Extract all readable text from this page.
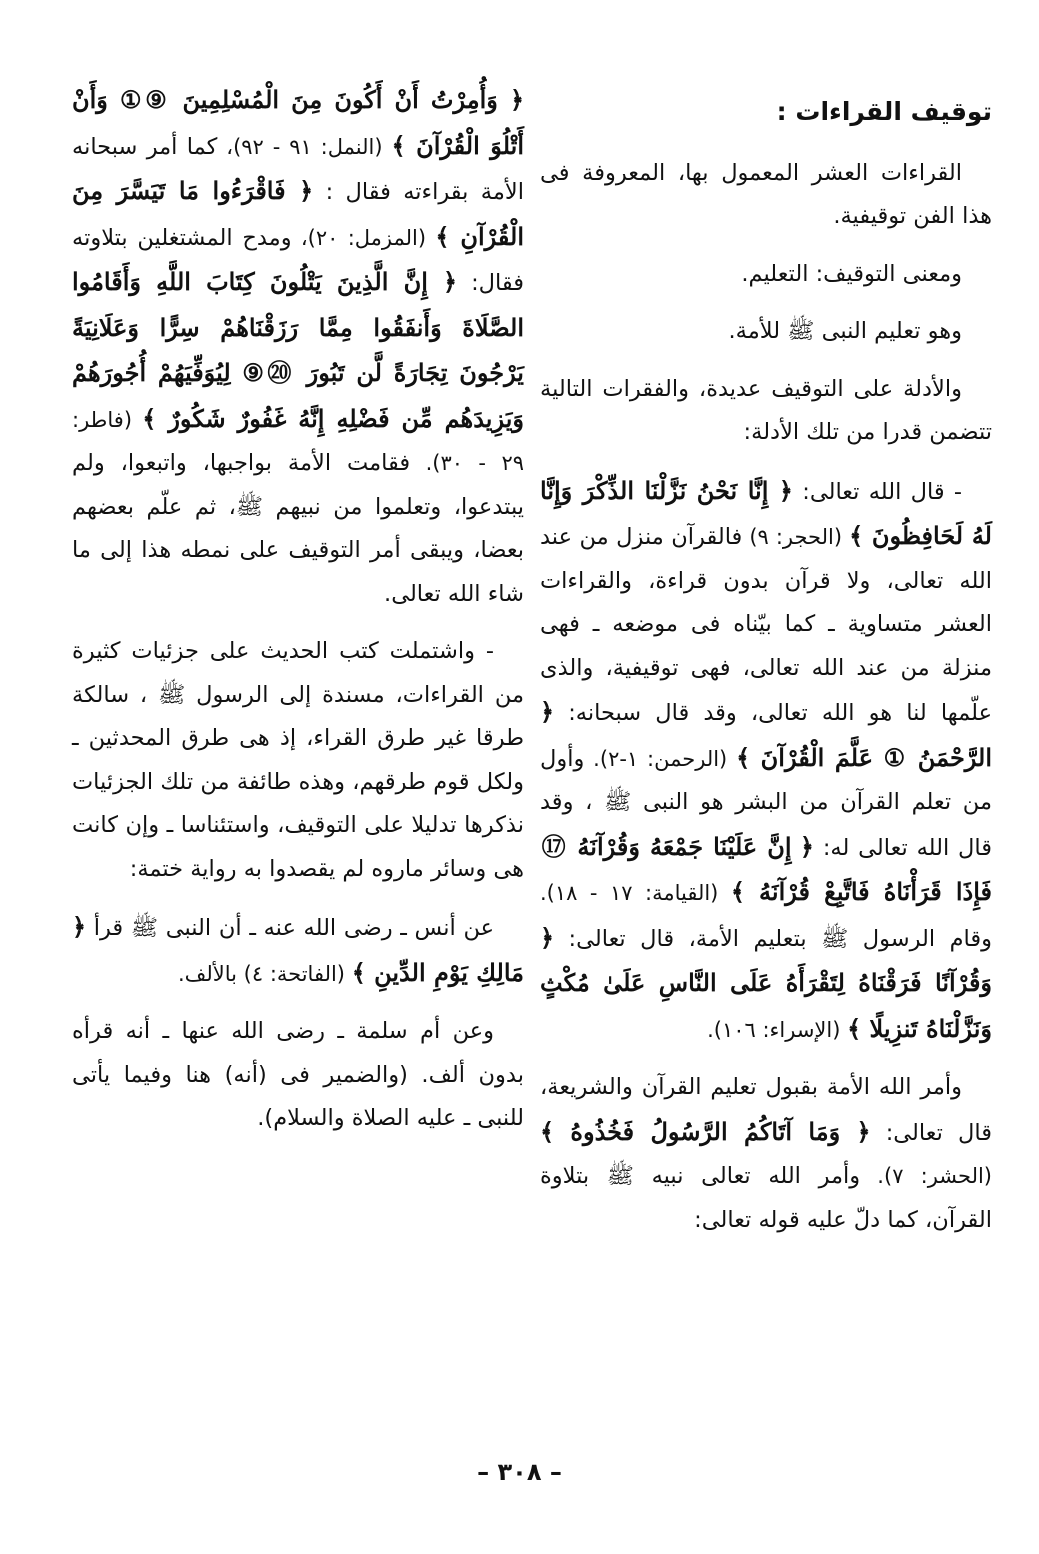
توقيف القراءات :

القراءات العشر المعمول بها، المعروفة فى هذا الفن توقيفية.

ومعنى التوقيف: التعليم.

وهو تعليم النبى ﷺ للأمة.

والأدلة على التوقيف عديدة، والفقرات التالية تتضمن قدرا من تلك الأدلة:

- قال الله تعالى: ﴿ إِنَّا نَحْنُ نَزَّلْنَا الذِّكْرَ وَإِنَّا لَهُ لَحَافِظُونَ ﴾ (الحجر: ٩) فالقرآن منزل من عند الله تعالى، ولا قرآن بدون قراءة، والقراءات العشر متساوية ـ كما بيّناه فى موضعه ـ فهى منزلة من عند الله تعالى، فهى توقيفية، والذى علّمها لنا هو الله تعالى، وقد قال سبحانه: ﴿ الرَّحْمَنُ ① عَلَّمَ الْقُرْآنَ ﴾ (الرحمن: ١-٢). وأول من تعلم القرآن من البشر هو النبى ﷺ ، وقد قال الله تعالى له: ﴿ إِنَّ عَلَيْنَا جَمْعَهُ وَقُرْآنَهُ ⑰ فَإِذَا قَرَأْنَاهُ فَاتَّبِعْ قُرْآنَهُ ﴾ (القيامة: ١٧ - ١٨). وقام الرسول ﷺ بتعليم الأمة، قال تعالى: ﴿ وَقُرْآنًا فَرَقْنَاهُ لِتَقْرَأَهُ عَلَى النَّاسِ عَلَىٰ مُكْثٍ وَنَزَّلْنَاهُ تَنزِيلًا ﴾ (الإسراء: ١٠٦).

وأمر الله الأمة بقبول تعليم القرآن والشريعة، قال تعالى: ﴿ وَمَا آتَاكُمُ الرَّسُولُ فَخُذُوهُ ﴾ (الحشر: ٧). وأمر الله تعالى نبيه ﷺ بتلاوة القرآن، كما دلّ عليه قوله تعالى:

﴿ وَأُمِرْتُ أَنْ أَكُونَ مِنَ الْمُسْلِمِينَ ⑨① وَأَنْ أَتْلُوَ الْقُرْآنَ ﴾ (النمل: ٩١ - ٩٢)، كما أمر سبحانه الأمة بقراءته فقال : ﴿ فَاقْرَءُوا مَا تَيَسَّرَ مِنَ الْقُرْآنِ ﴾ (المزمل: ٢٠)، ومدح المشتغلين بتلاوته فقال: ﴿ إِنَّ الَّذِينَ يَتْلُونَ كِتَابَ اللَّهِ وَأَقَامُوا الصَّلَاةَ وَأَنفَقُوا مِمَّا رَزَقْنَاهُمْ سِرًّا وَعَلَانِيَةً يَرْجُونَ تِجَارَةً لَّن تَبُورَ ⑳⑨ لِيُوَفِّيَهُمْ أُجُورَهُمْ وَيَزِيدَهُم مِّن فَضْلِهِ إِنَّهُ غَفُورٌ شَكُورٌ ﴾ (فاطر: ٢٩ - ٣٠). فقامت الأمة بواجبها، واتبعوا، ولم يبتدعوا، وتعلموا من نبيهم ﷺ، ثم علّم بعضهم بعضا، ويبقى أمر التوقيف على نمطه هذا إلى ما شاء الله تعالى.

- واشتملت كتب الحديث على جزئيات كثيرة من القراءات، مسندة إلى الرسول ﷺ ، سالكة طرقا غير طرق القراء، إذ هى طرق المحدثين ـ ولكل قوم طرقهم، وهذه طائفة من تلك الجزئيات نذكرها تدليلا على التوقيف، واستئناسا ـ وإن كانت هى وسائر ماروه لم يقصدوا به رواية ختمة:

عن أنس ـ رضى الله عنه ـ أن النبى ﷺ قرأ ﴿ مَالِكِ يَوْمِ الدِّينِ ﴾ (الفاتحة: ٤) بالألف.

وعن أم سلمة ـ رضى الله عنها ـ أنه قرأه بدون ألف. (والضمير فى (أنه) هنا وفيما يأتى للنبى ـ عليه الصلاة والسلام).

– ٣٠٨ –
